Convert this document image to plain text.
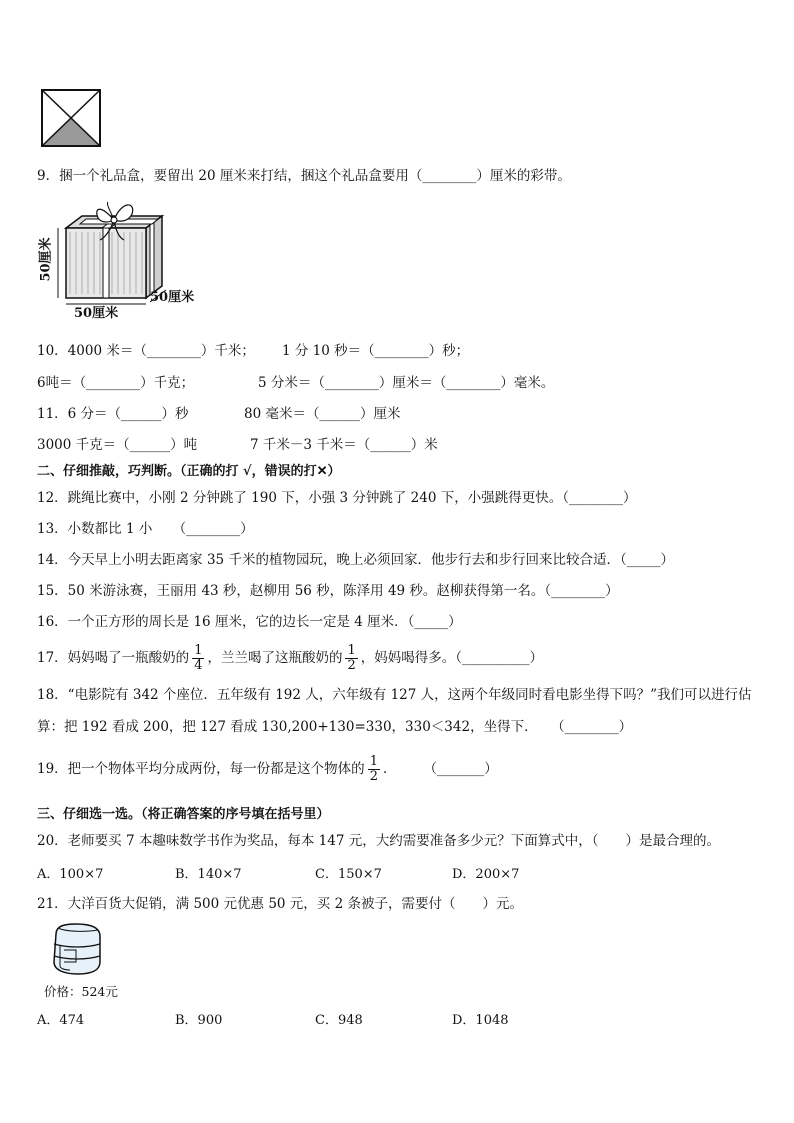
9．捆一个礼品盒，要留出 20 厘米来打结，捆这个礼品盒要用（________）厘米的彩带。
50厘米
50厘米
50厘米
10．4000 米＝（________）千米； 1 分 10 秒＝（________）秒；
6吨＝（________）千克；	5 分米＝（________）厘米＝（________）毫米。
11．6 分＝（______）秒	80 毫米＝（______）厘米
3000 千克＝（______）吨	7 千米－3 千米＝（______）米
二、仔细推敲，巧判断。（正确的打 √，错误的打✕）
12．跳绳比赛中，小刚 2 分钟跳了 190 下，小强 3 分钟跳了 240 下，小强跳得更快。（________）
13．小数都比 1 小　　（________）
14．今天早上小明去距离家 35 千米的植物园玩，晚上必须回家．他步行去和步行回来比较合适．（_____）
15．50 米游泳赛，王丽用 43 秒，赵柳用 56 秒，陈泽用 49 秒。赵柳获得第一名。（________）
16．一个正方形的周长是 16 厘米，它的边长一定是 4 厘米．（_____）
17．妈妈喝了一瓶酸奶的 $\frac{1}{4}$ ，兰兰喝了这瓶酸奶的 $\frac{1}{2}$ ，妈妈喝得多。（__________）
18．“电影院有 342 个座位．五年级有 192 人，六年级有 127 人，这两个年级同时看电影坐得下吗？”我们可以进行估
算：把 192 看成 200，把 127 看成 130,200+130=330，330＜342，坐得下．　　（________）
19．把一个物体平均分成两份，每一份都是这个物体的 $\frac{1}{2}$ ．　　　（_______）
三、仔细选一选。（将正确答案的序号填在括号里）
20．老师要买 7 本趣味数学书作为奖品，每本 147 元，大约需要准备多少元？下面算式中，（　　）是最合理的。
A．100×7	B．140×7	C．150×7	D．200×7
21．大洋百货大促销，满 500 元优惠 50 元，买 2 条被子，需要付（　　）元。
价格：524元
A．474	B．900	C．948	D．1048
